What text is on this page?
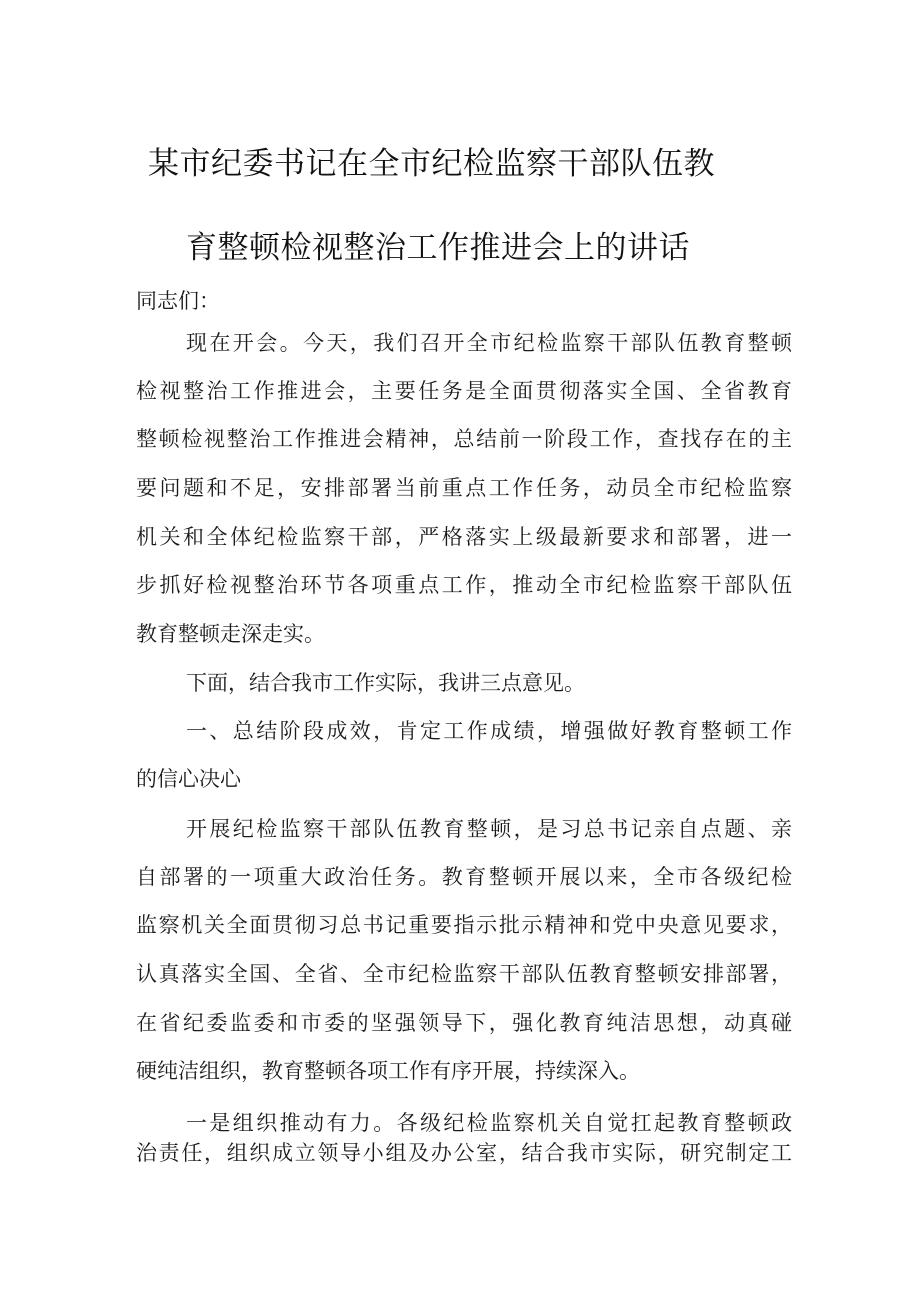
某市纪委书记在全市纪检监察干部队伍教
育整顿检视整治工作推进会上的讲话
同志们：
现在开会。今天，我们召开全市纪检监察干部队伍教育整顿
检视整治工作推进会，主要任务是全面贯彻落实全国、全省教育
整顿检视整治工作推进会精神，总结前一阶段工作，查找存在的主
要问题和不足，安排部署当前重点工作任务，动员全市纪检监察
机关和全体纪检监察干部，严格落实上级最新要求和部署，进一
步抓好检视整治环节各项重点工作，推动全市纪检监察干部队伍
教育整顿走深走实。
下面，结合我市工作实际，我讲三点意见。
一、总结阶段成效，肯定工作成绩，增强做好教育整顿工作
的信心决心
开展纪检监察干部队伍教育整顿，是习总书记亲自点题、亲
自部署的一项重大政治任务。教育整顿开展以来，全市各级纪检
监察机关全面贯彻习总书记重要指示批示精神和党中央意见要求，
认真落实全国、全省、全市纪检监察干部队伍教育整顿安排部署，
在省纪委监委和市委的坚强领导下，强化教育纯洁思想，动真碰
硬纯洁组织，教育整顿各项工作有序开展，持续深入。
一是组织推动有力。各级纪检监察机关自觉扛起教育整顿政
治责任，组织成立领导小组及办公室，结合我市实际，研究制定工
